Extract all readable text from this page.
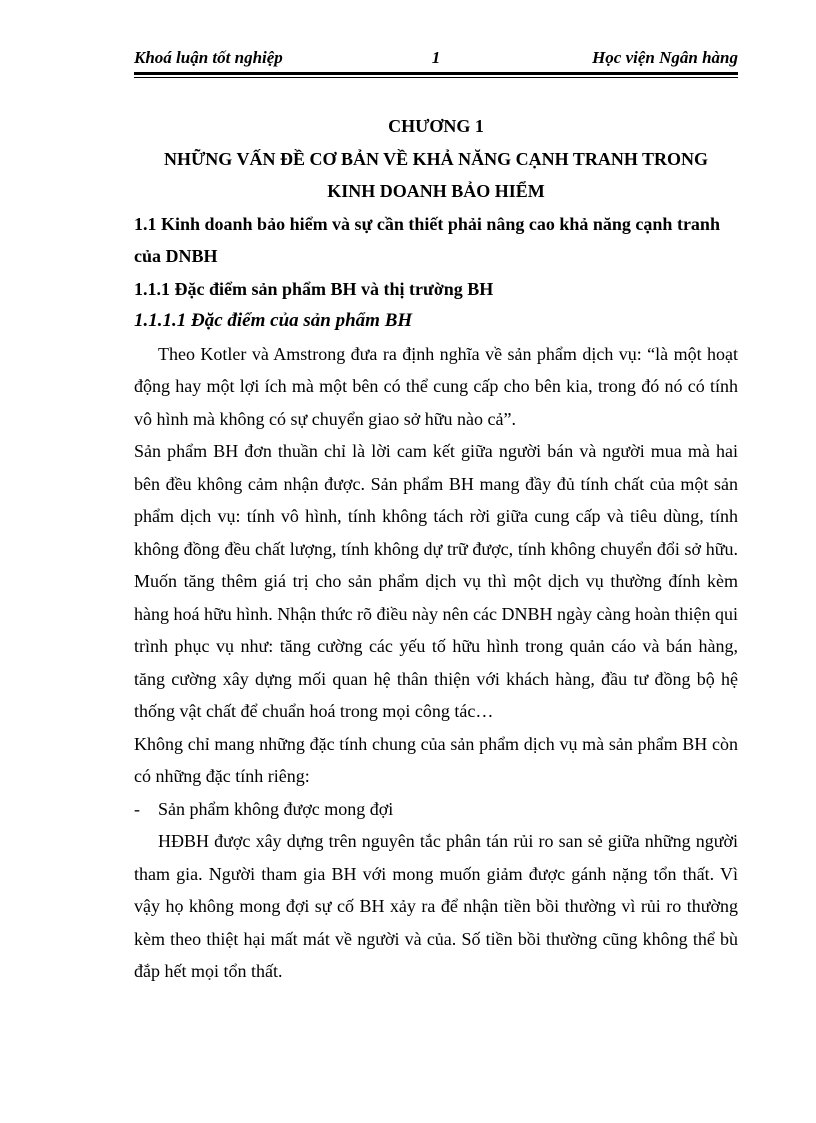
Khoá luận tốt nghiệp	1	Học viện Ngân hàng

CHƯƠNG 1

NHỮNG VẤN ĐỀ CƠ BẢN VỀ KHẢ NĂNG CẠNH TRANH TRONG

KINH DOANH BẢO HIỂM

1.1 Kinh doanh bảo hiểm và sự cần thiết phải nâng cao khả năng cạnh tranh của DNBH

1.1.1 Đặc điểm sản phẩm BH và thị trường BH

1.1.1.1 Đặc điểm của sản phẩm BH

Theo Kotler và Amstrong đưa ra định nghĩa về sản phẩm dịch vụ: “là một hoạt động hay một lợi ích mà một bên có thể cung cấp cho bên kia, trong đó nó có tính vô hình mà không có sự chuyển giao sở hữu nào cả”.

Sản phẩm BH đơn thuần chỉ là lời cam kết giữa người bán và người mua mà hai bên đều không cảm nhận được. Sản phẩm BH mang đầy đủ tính chất của một sản phẩm dịch vụ: tính vô hình, tính không tách rời giữa cung cấp và tiêu dùng, tính không đồng đều chất lượng, tính không dự trữ được, tính không chuyển đổi sở hữu. Muốn tăng thêm giá trị cho sản phẩm dịch vụ thì một dịch vụ thường đính kèm hàng hoá hữu hình. Nhận thức rõ điều này nên các DNBH ngày càng hoàn thiện qui trình phục vụ như: tăng cường các yếu tố hữu hình trong quản cáo và bán hàng, tăng cường xây dựng mối quan hệ thân thiện với khách hàng, đầu tư đồng bộ hệ thống vật chất để chuẩn hoá trong mọi công tác…

Không chỉ mang những đặc tính chung của sản phẩm dịch vụ mà sản phẩm BH còn có những đặc tính riêng:

-	Sản phẩm không được mong đợi

HĐBH được xây dựng trên nguyên tắc phân tán rủi ro san sẻ giữa những người tham gia. Người tham gia BH với mong muốn giảm được gánh nặng tổn thất. Vì vậy họ không mong đợi sự cố BH xảy ra để nhận tiền bồi thường vì rủi ro thường kèm theo thiệt hại mất mát về người và của. Số tiền bồi thường cũng không thể bù đắp hết mọi tổn thất.
